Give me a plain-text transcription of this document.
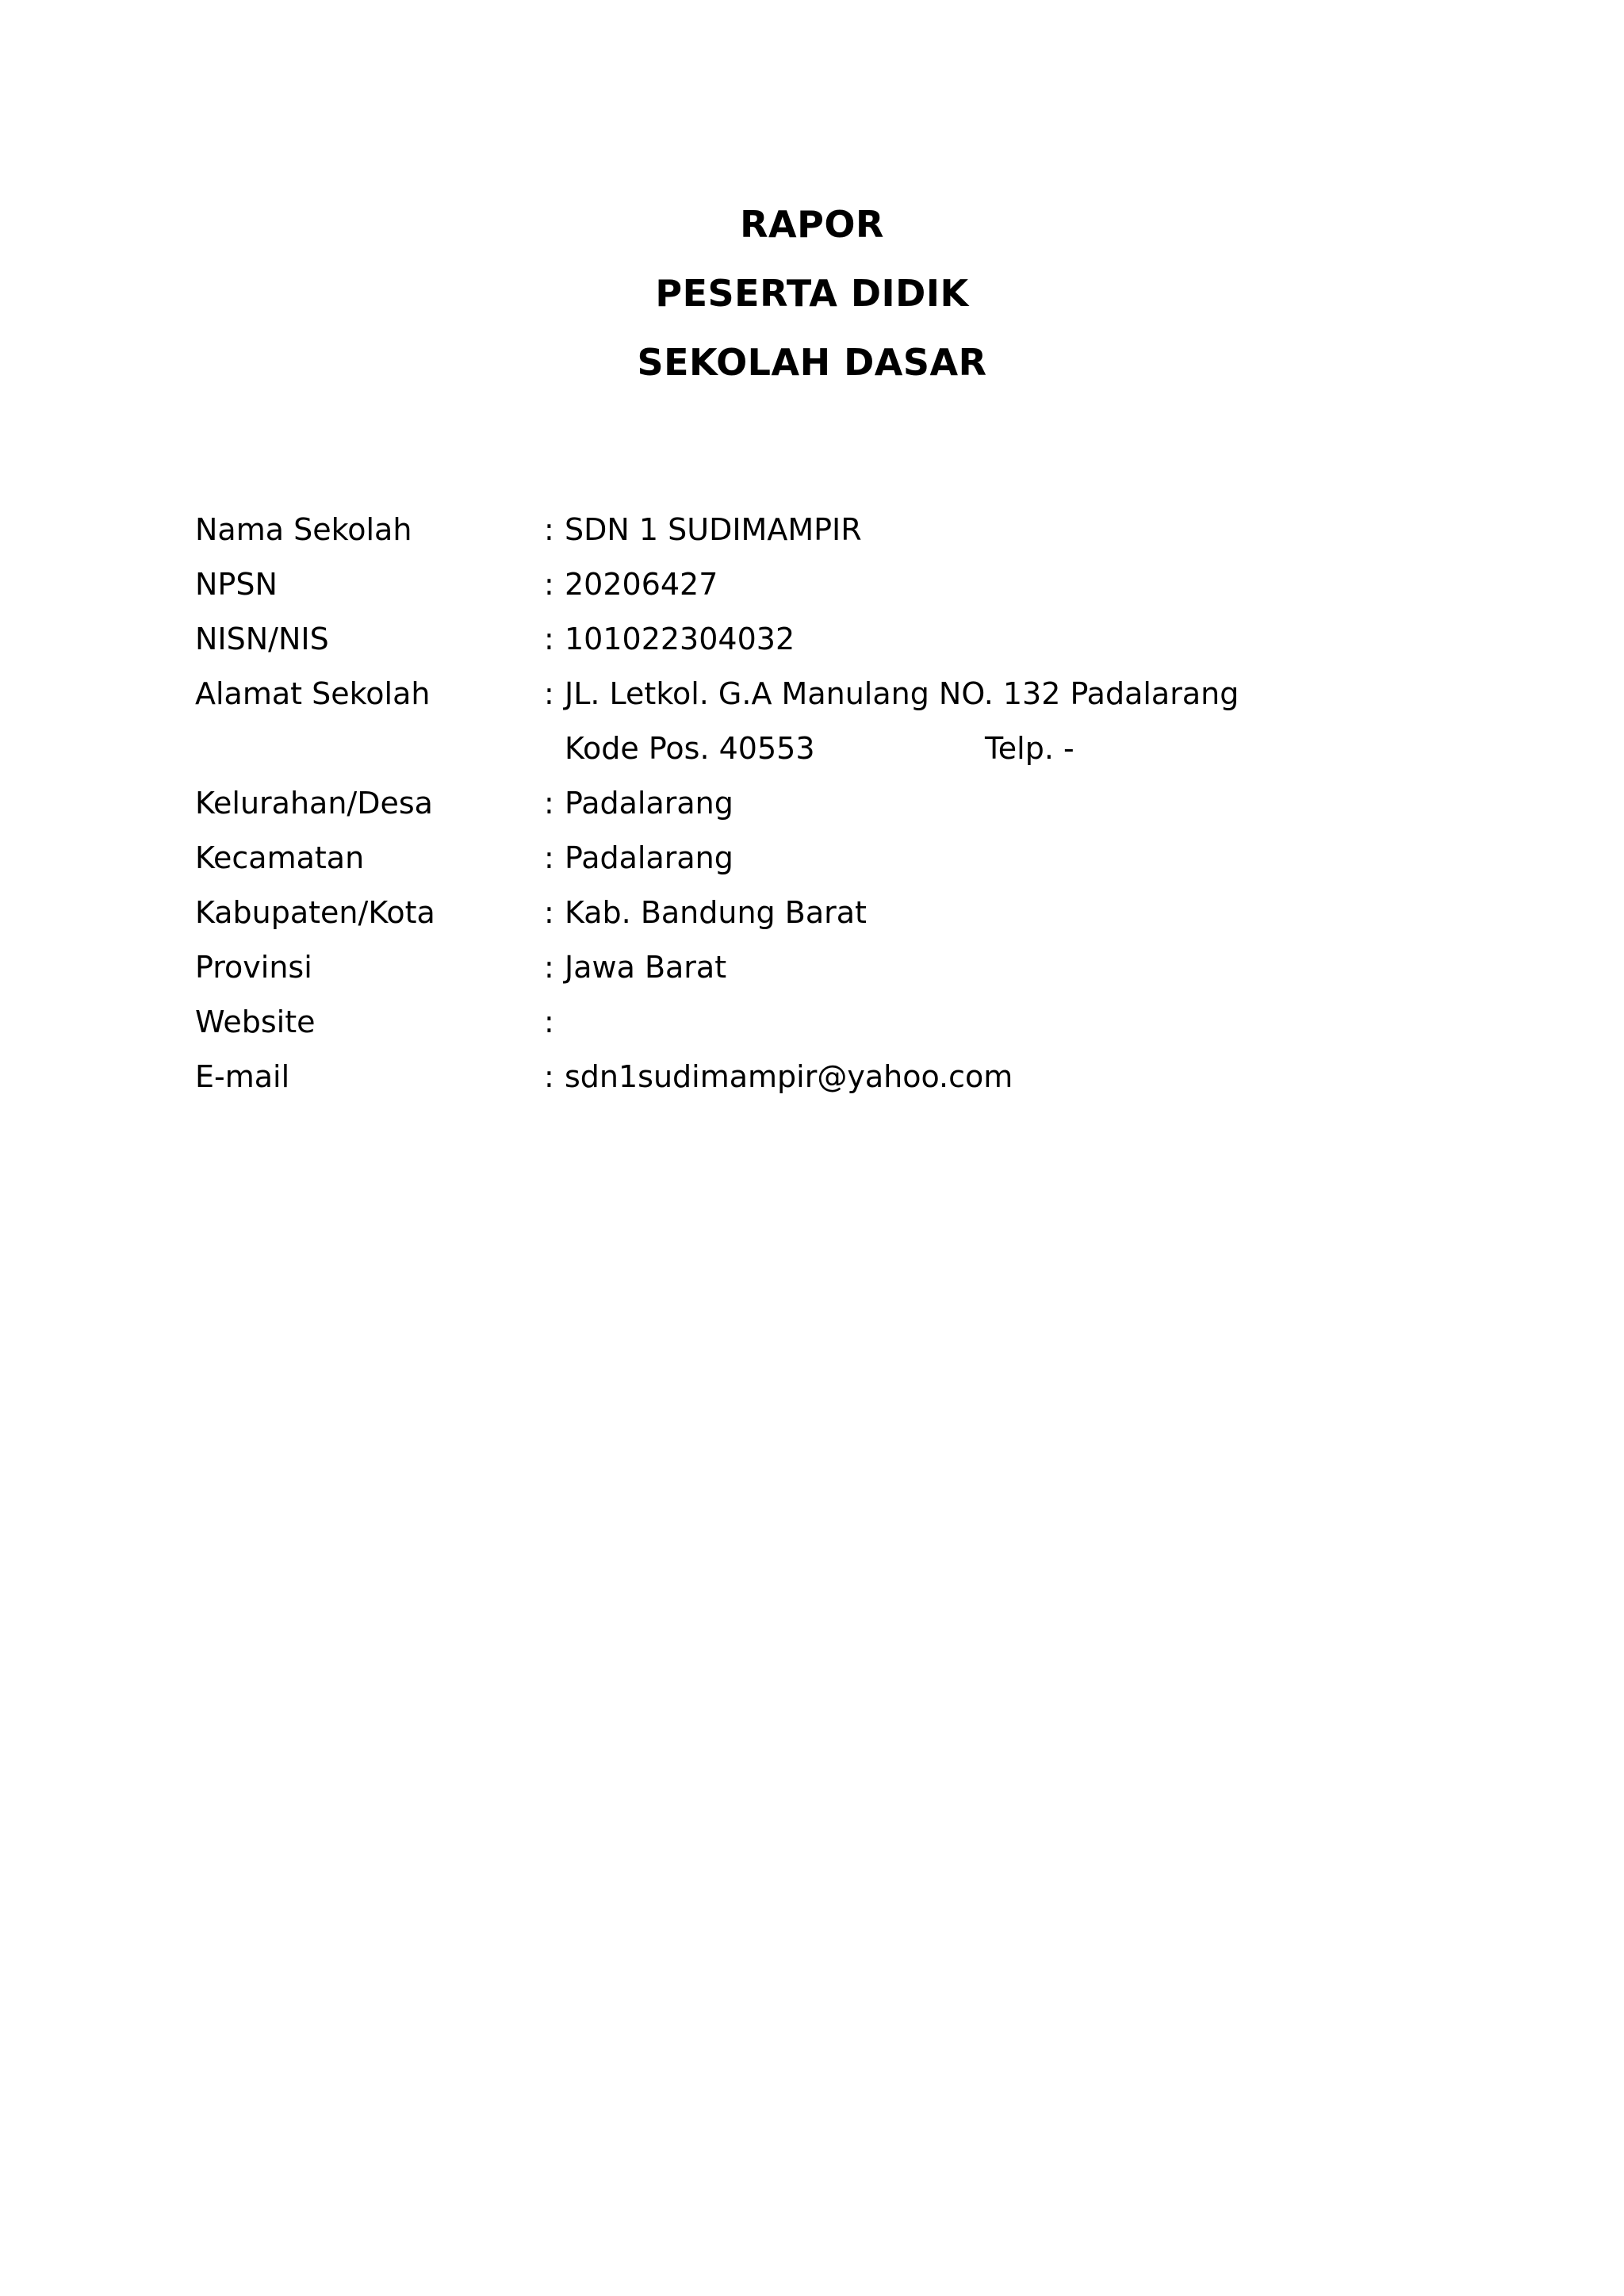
RAPOR
PESERTA DIDIK
SEKOLAH DASAR
Nama Sekolah	: SDN 1 SUDIMAMPIR
NPSN	: 20206427
NISN/NIS	: 101022304032
Alamat Sekolah	: JL. Letkol. G.A Manulang NO. 132 Padalarang
Kode Pos. 40553	Telp. -
Kelurahan/Desa	: Padalarang
Kecamatan	: Padalarang
Kabupaten/Kota	: Kab. Bandung Barat
Provinsi	: Jawa Barat
Website	:
E-mail	: sdn1sudimampir@yahoo.com
